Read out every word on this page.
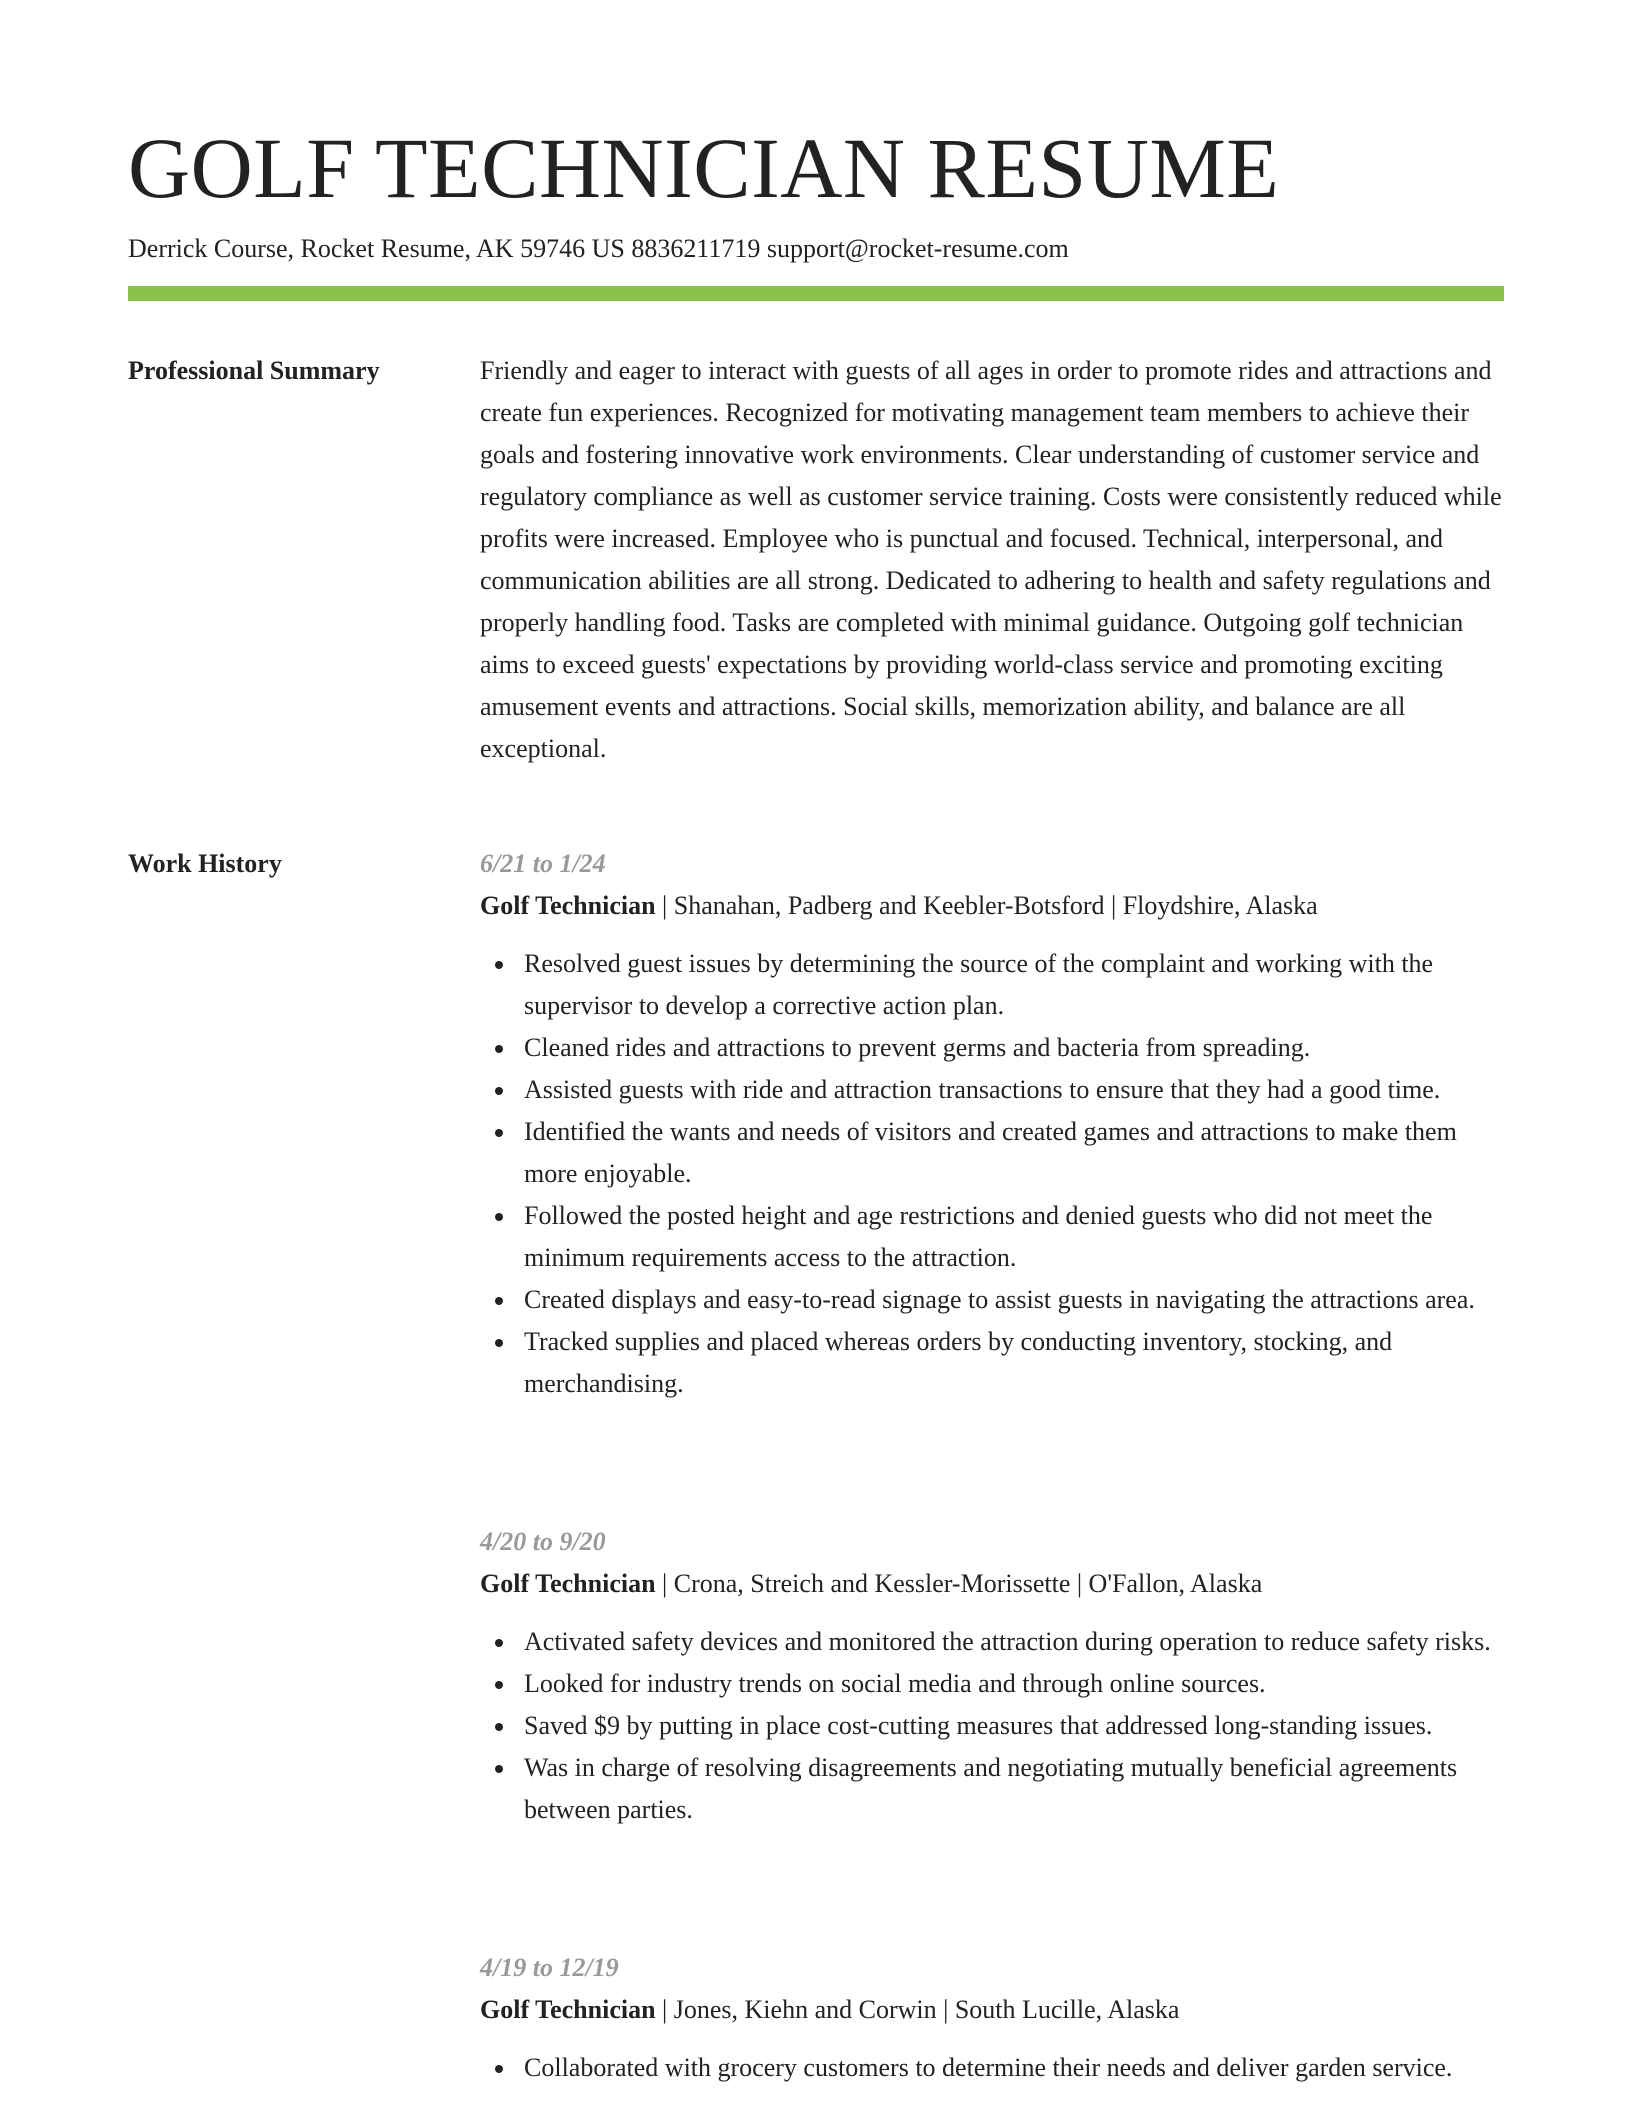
GOLF TECHNICIAN RESUME
Derrick Course, Rocket Resume, AK 59746 US 8836211719 support@rocket-resume.com
Professional Summary	Friendly and eager to interact with guests of all ages in order to promote rides and attractions and create fun experiences. Recognized for motivating management team members to achieve their goals and fostering innovative work environments. Clear understanding of customer service and regulatory compliance as well as customer service training. Costs were consistently reduced while profits were increased. Employee who is punctual and focused. Technical, interpersonal, and communication abilities are all strong. Dedicated to adhering to health and safety regulations and properly handling food. Tasks are completed with minimal guidance. Outgoing golf technician aims to exceed guests' expectations by providing world-class service and promoting exciting amusement events and attractions. Social skills, memorization ability, and balance are all exceptional.

Work History	6/21 to 1/24
Golf Technician | Shanahan, Padberg and Keebler-Botsford | Floydshire, Alaska
Resolved guest issues by determining the source of the complaint and working with the supervisor to develop a corrective action plan.
Cleaned rides and attractions to prevent germs and bacteria from spreading.
Assisted guests with ride and attraction transactions to ensure that they had a good time.
Identified the wants and needs of visitors and created games and attractions to make them more enjoyable.
Followed the posted height and age restrictions and denied guests who did not meet the minimum requirements access to the attraction.
Created displays and easy-to-read signage to assist guests in navigating the attractions area.
Tracked supplies and placed whereas orders by conducting inventory, stocking, and merchandising.
4/20 to 9/20
Golf Technician | Crona, Streich and Kessler-Morissette | O'Fallon, Alaska
Activated safety devices and monitored the attraction during operation to reduce safety risks.
Looked for industry trends on social media and through online sources.
Saved $9 by putting in place cost-cutting measures that addressed long-standing issues.
Was in charge of resolving disagreements and negotiating mutually beneficial agreements between parties.
4/19 to 12/19
Golf Technician | Jones, Kiehn and Corwin | South Lucille, Alaska
Collaborated with grocery customers to determine their needs and deliver garden service.
